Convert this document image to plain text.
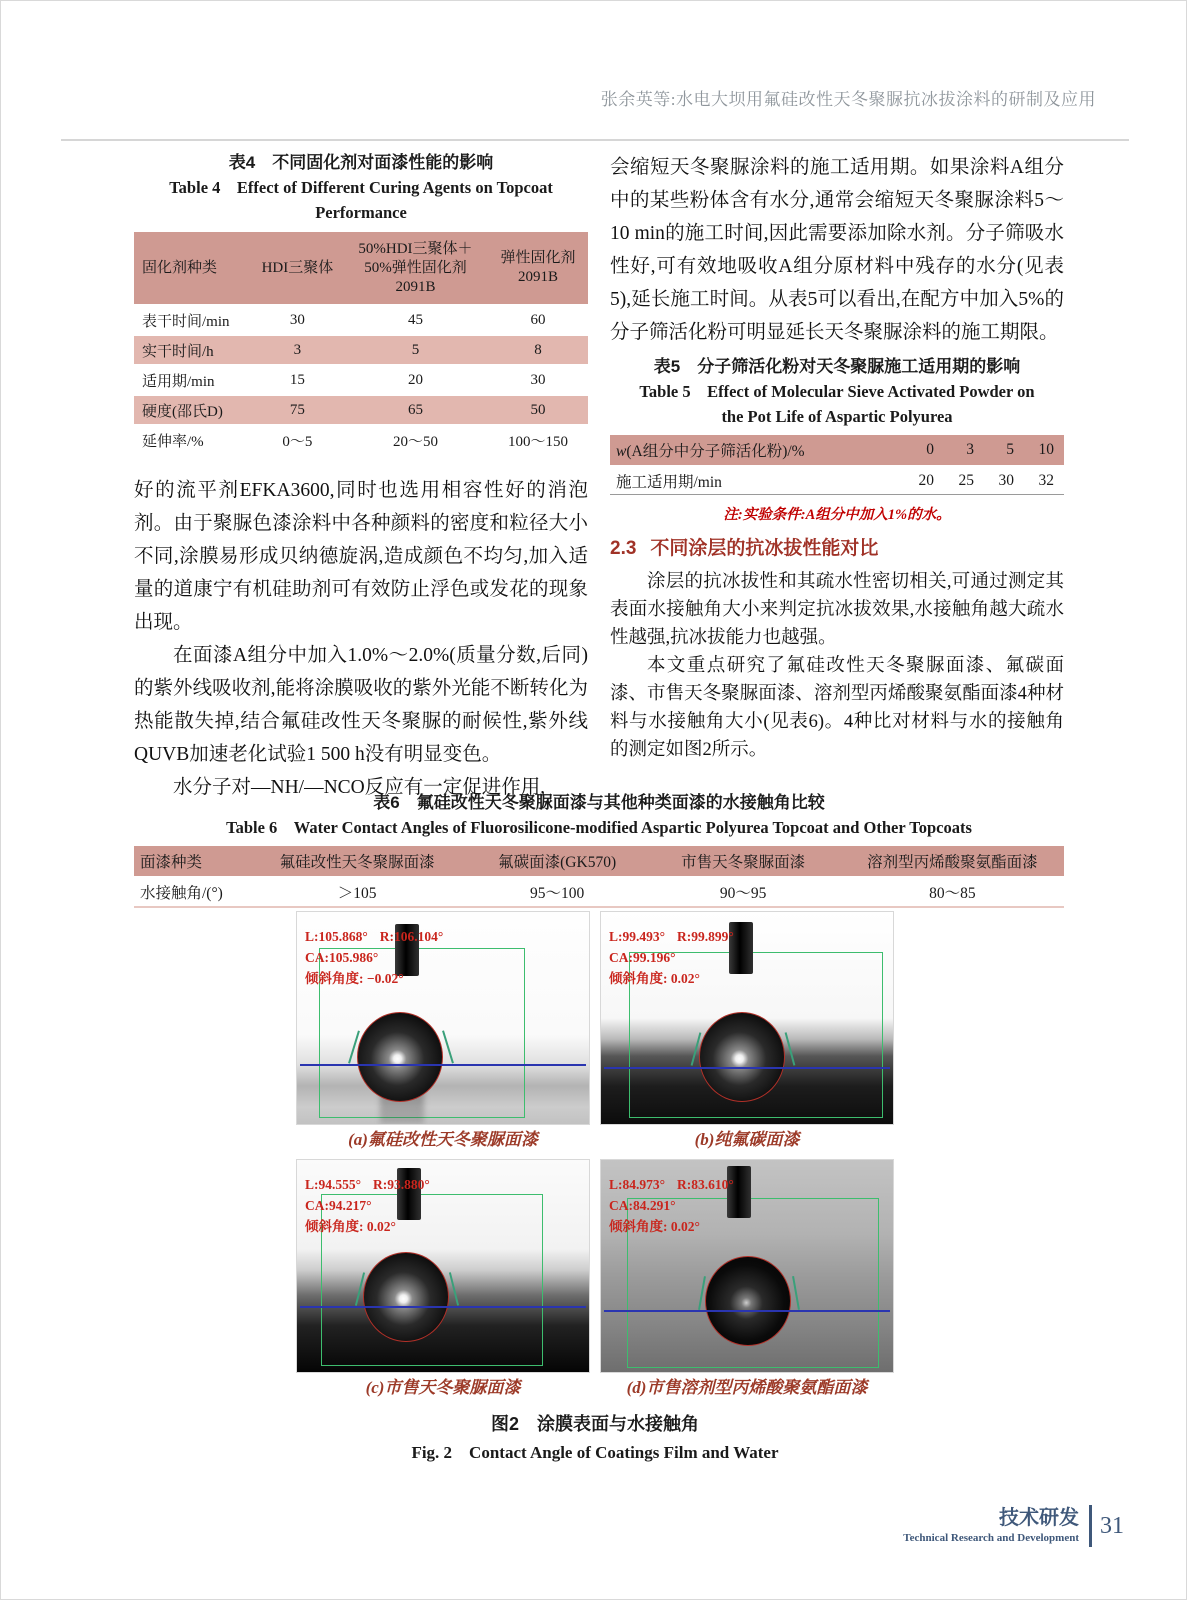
张余英等:水电大坝用氟硅改性天冬聚脲抗冰拔涂料的研制及应用
表4　不同固化剂对面漆性能的影响
Table 4　Effect of Different Curing Agents on Topcoat
Performance
固化剂种类	HDI三聚体	50%HDI三聚体＋50%弹性固化剂2091B	弹性固化剂2091B
表干时间/min	30	45	60
实干时间/h	3	5	8
适用期/min	15	20	30
硬度(邵氏D)	75	65	50
延伸率/%	0～5	20～50	100～150

好的流平剂EFKA3600,同时也选用相容性好的消泡剂。由于聚脲色漆涂料中各种颜料的密度和粒径大小不同,涂膜易形成贝纳德旋涡,造成颜色不均匀,加入适量的道康宁有机硅助剂可有效防止浮色或发花的现象出现。

在面漆A组分中加入1.0%～2.0%(质量分数,后同)的紫外线吸收剂,能将涂膜吸收的紫外光能不断转化为热能散失掉,结合氟硅改性天冬聚脲的耐候性,紫外线QUVB加速老化试验1 500 h没有明显变色。

水分子对—NH/—NCO反应有一定促进作用,

会缩短天冬聚脲涂料的施工适用期。如果涂料A组分中的某些粉体含有水分,通常会缩短天冬聚脲涂料5～10 min的施工时间,因此需要添加除水剂。分子筛吸水性好,可有效地吸收A组分原材料中残存的水分(见表5),延长施工时间。从表5可以看出,在配方中加入5%的分子筛活化粉可明显延长天冬聚脲涂料的施工期限。

表5　分子筛活化粉对天冬聚脲施工适用期的影响
Table 5　Effect of Molecular Sieve Activated Powder on
the Pot Life of Aspartic Polyurea
w(A组分中分子筛活化粉)/%	0	3	5	10
施工适用期/min	20	25	30	32
注:实验条件:A组分中加入1%的水。
2.3 不同涂层的抗冰拔性能对比

涂层的抗冰拔性和其疏水性密切相关,可通过测定其表面水接触角大小来判定抗冰拔效果,水接触角越大疏水性越强,抗冰拔能力也越强。

本文重点研究了氟硅改性天冬聚脲面漆、氟碳面漆、市售天冬聚脲面漆、溶剂型丙烯酸聚氨酯面漆4种材料与水接触角大小(见表6)。4种比对材料与水的接触角的测定如图2所示。

表6　氟硅改性天冬聚脲面漆与其他种类面漆的水接触角比较
Table 6　Water Contact Angles of Fluorosilicone-modified Aspartic Polyurea Topcoat and Other Topcoats
面漆种类	氟硅改性天冬聚脲面漆	氟碳面漆(GK570)	市售天冬聚脲面漆	溶剂型丙烯酸聚氨酯面漆
水接触角/(°)	＞105	95～100	90～95	80～85
L:105.868° R:106.104°
CA:105.986°
倾斜角度: −0.02°
(a)氟硅改性天冬聚脲面漆
L:99.493° R:99.899°
CA:99.196°
倾斜角度: 0.02°
(b)纯氟碳面漆
L:94.555° R:93.880°
CA:94.217°
倾斜角度: 0.02°
(c)市售天冬聚脲面漆
L:84.973° R:83.610°
CA:84.291°
倾斜角度: 0.02°
(d)市售溶剂型丙烯酸聚氨酯面漆
图2　涂膜表面与水接触角
Fig. 2　Contact Angle of Coatings Film and Water
技术研发
Technical Research and Development 31
